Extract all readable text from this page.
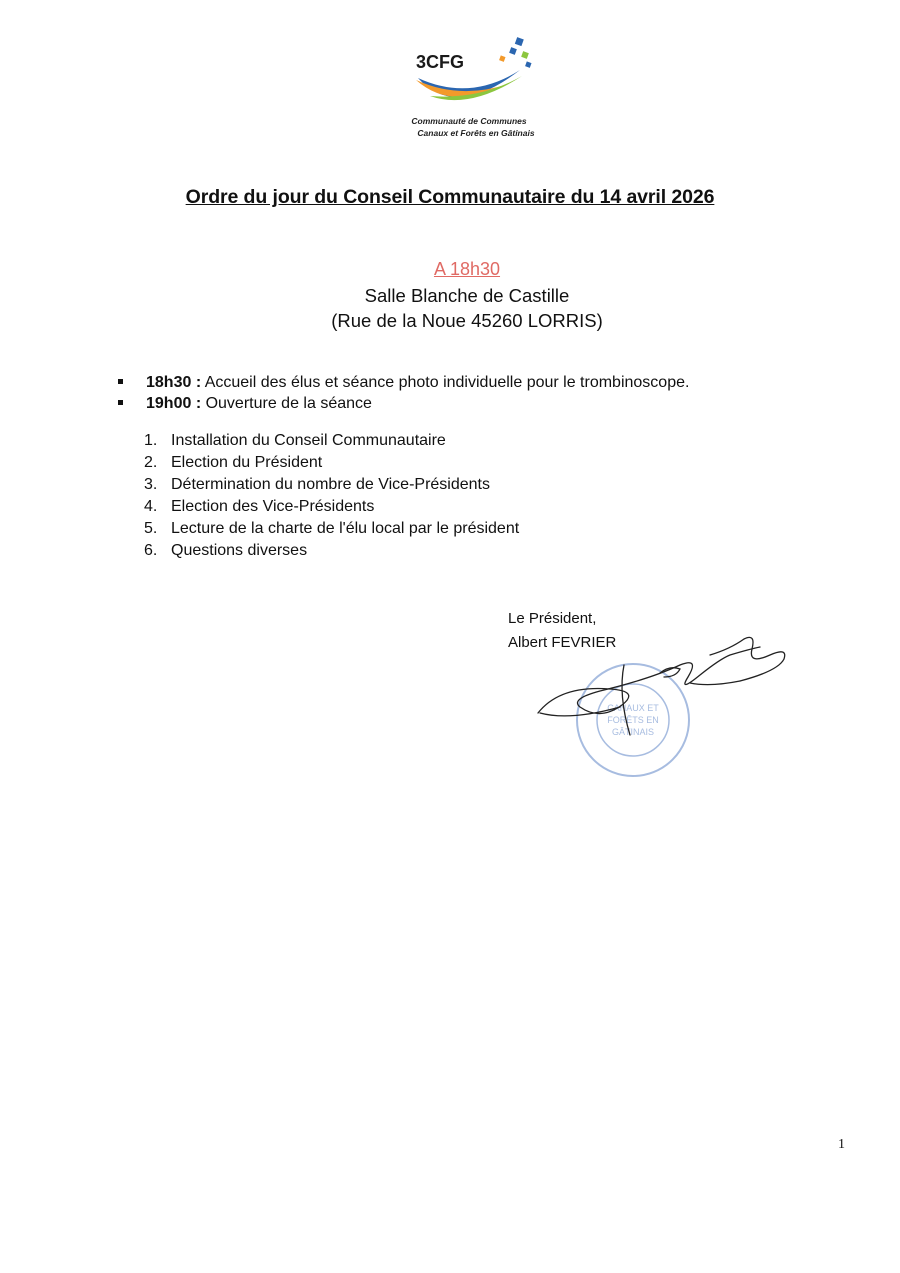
3CFG
Communauté de Communes
Canaux et Forêts en Gâtinais
Ordre du jour du Conseil Communautaire du 14 avril 2026
A 18h30
Salle Blanche de Castille
(Rue de la Noue 45260 LORRIS)
18h30 : Accueil des élus et séance photo individuelle pour le trombinoscope.
19h00 : Ouverture de la séance
1. Installation du Conseil Communautaire
2. Election du Président
3. Détermination du nombre de Vice-Présidents
4. Election des Vice-Présidents
5. Lecture de la charte de l'élu local par le président
6. Questions diverses
Le Président,
Albert FEVRIER
CANAUX ET
FORÊTS EN
GÂTINAIS
1
